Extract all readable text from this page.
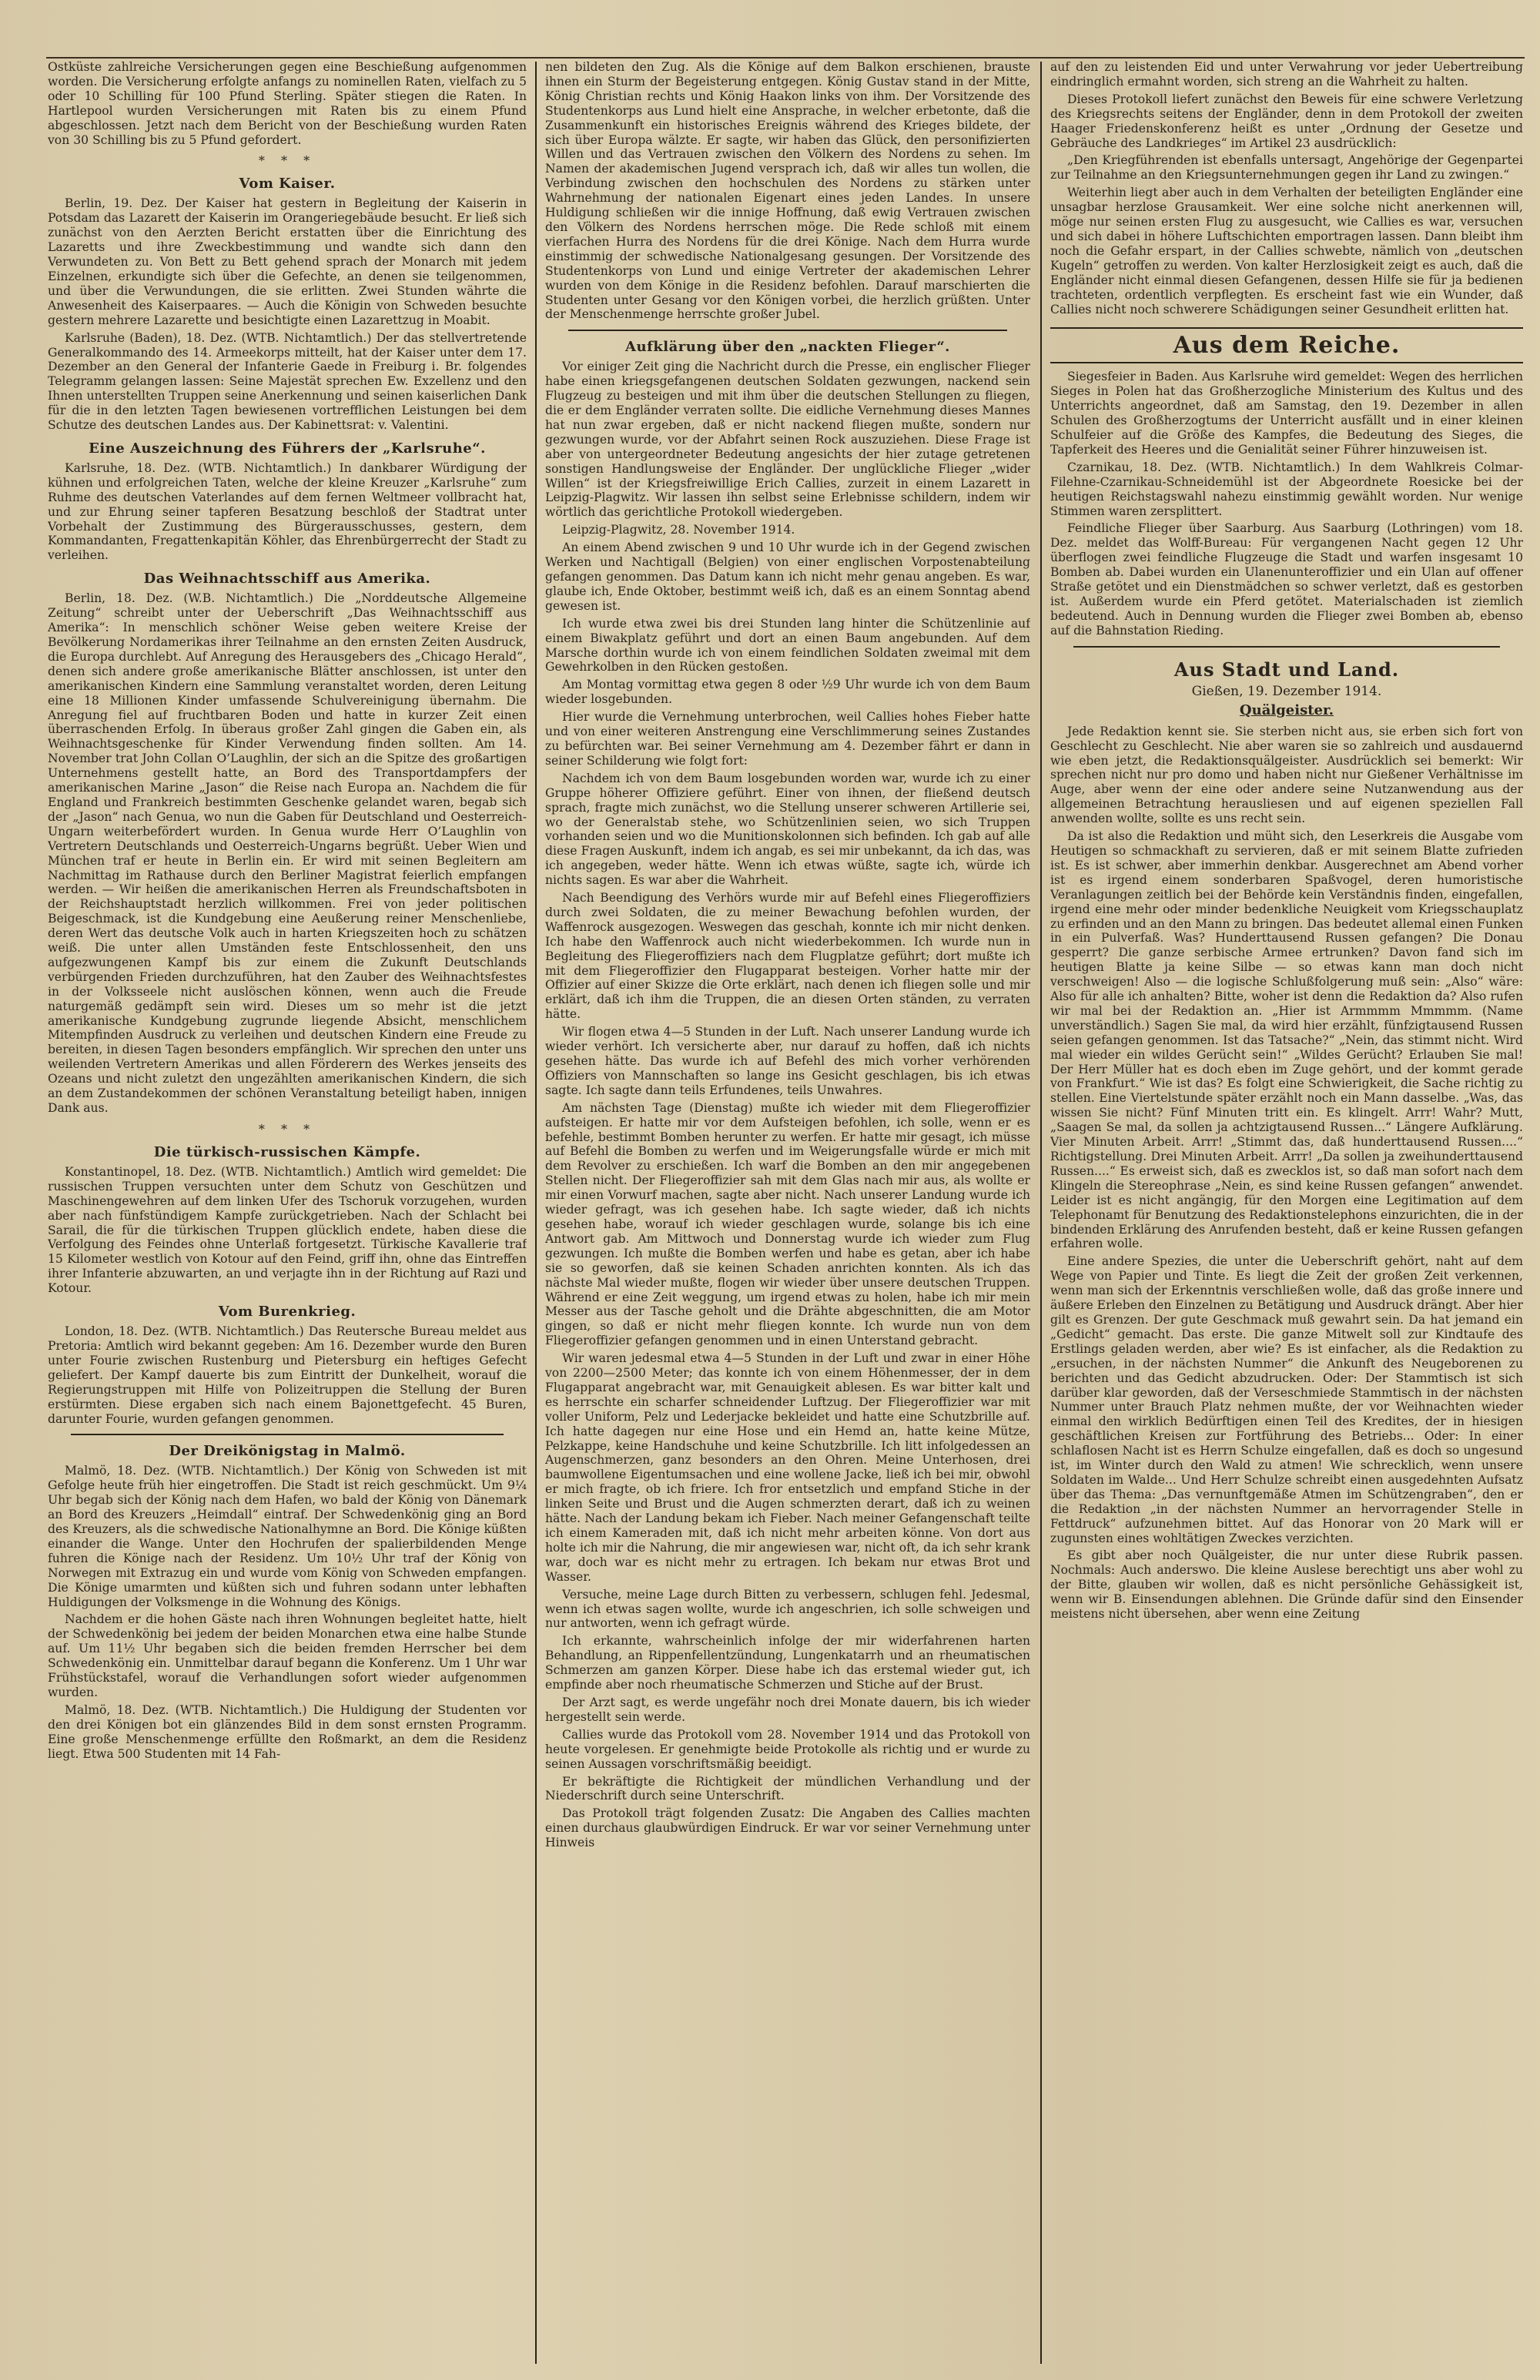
Ostküste zahlreiche Versicherungen gegen eine Beschießung aufgenommen worden. Die Versicherung erfolgte anfangs zu nominellen Raten, vielfach zu 5 oder 10 Schilling für 100 Pfund Sterling. Später stiegen die Raten. In Hartlepool wurden Versicherungen mit Raten bis zu einem Pfund abgeschlossen. Jetzt nach dem Bericht von der Beschießung wurden Raten von 30 Schilling bis zu 5 Pfund gefordert.

* * *
Vom Kaiser.

Berlin, 19. Dez. Der Kaiser hat gestern in Begleitung der Kaiserin in Potsdam das Lazarett der Kaiserin im Orangeriegebäude besucht. Er ließ sich zunächst von den Aerzten Bericht erstatten über die Einrichtung des Lazaretts und ihre Zweckbestimmung und wandte sich dann den Verwundeten zu. Von Bett zu Bett gehend sprach der Monarch mit jedem Einzelnen, erkundigte sich über die Gefechte, an denen sie teilgenommen, und über die Verwundungen, die sie erlitten. Zwei Stunden währte die Anwesenheit des Kaiserpaares. — Auch die Königin von Schweden besuchte gestern mehrere Lazarette und besichtigte einen Lazarettzug in Moabit.

Karlsruhe (Baden), 18. Dez. (WTB. Nichtamtlich.) Der das stellvertretende Generalkommando des 14. Armeekorps mitteilt, hat der Kaiser unter dem 17. Dezember an den General der Infanterie Gaede in Freiburg i. Br. folgendes Telegramm gelangen lassen: Seine Majestät sprechen Ew. Exzellenz und den Ihnen unterstellten Truppen seine Anerkennung und seinen kaiserlichen Dank für die in den letzten Tagen bewiesenen vortrefflichen Leistungen bei dem Schutze des deutschen Landes aus. Der Kabinettsrat: v. Valentini.

Eine Auszeichnung des Führers der „Karlsruhe“.

Karlsruhe, 18. Dez. (WTB. Nichtamtlich.) In dankbarer Würdigung der kühnen und erfolgreichen Taten, welche der kleine Kreuzer „Karlsruhe“ zum Ruhme des deutschen Vaterlandes auf dem fernen Weltmeer vollbracht hat, und zur Ehrung seiner tapferen Besatzung beschloß der Stadtrat unter Vorbehalt der Zustimmung des Bürgerausschusses, gestern, dem Kommandanten, Fregattenkapitän Köhler, das Ehrenbürgerrecht der Stadt zu verleihen.

Das Weihnachtsschiff aus Amerika.

Berlin, 18. Dez. (W.B. Nichtamtlich.) Die „Norddeutsche Allgemeine Zeitung“ schreibt unter der Ueberschrift „Das Weihnachtsschiff aus Amerika“: In menschlich schöner Weise geben weitere Kreise der Bevölkerung Nordamerikas ihrer Teilnahme an den ernsten Zeiten Ausdruck, die Europa durchlebt. Auf Anregung des Herausgebers des „Chicago Herald“, denen sich andere große amerikanische Blätter anschlossen, ist unter den amerikanischen Kindern eine Sammlung veranstaltet worden, deren Leitung eine 18 Millionen Kinder umfassende Schulvereinigung übernahm. Die Anregung fiel auf fruchtbaren Boden und hatte in kurzer Zeit einen überraschenden Erfolg. In überaus großer Zahl gingen die Gaben ein, als Weihnachtsgeschenke für Kinder Verwendung finden sollten. Am 14. November trat John Collan O’Laughlin, der sich an die Spitze des großartigen Unternehmens gestellt hatte, an Bord des Transportdampfers der amerikanischen Marine „Jason“ die Reise nach Europa an. Nachdem die für England und Frankreich bestimmten Geschenke gelandet waren, begab sich der „Jason“ nach Genua, wo nun die Gaben für Deutschland und Oesterreich-Ungarn weiterbefördert wurden. In Genua wurde Herr O’Laughlin von Vertretern Deutschlands und Oesterreich-Ungarns begrüßt. Ueber Wien und München traf er heute in Berlin ein. Er wird mit seinen Begleitern am Nachmittag im Rathause durch den Berliner Magistrat feierlich empfangen werden. — Wir heißen die amerikanischen Herren als Freundschaftsboten in der Reichshauptstadt herzlich willkommen. Frei von jeder politischen Beigeschmack, ist die Kundgebung eine Aeußerung reiner Menschenliebe, deren Wert das deutsche Volk auch in harten Kriegszeiten hoch zu schätzen weiß. Die unter allen Umständen feste Entschlossenheit, den uns aufgezwungenen Kampf bis zur einem die Zukunft Deutschlands verbürgenden Frieden durchzuführen, hat den Zauber des Weihnachtsfestes in der Volksseele nicht auslöschen können, wenn auch die Freude naturgemäß gedämpft sein wird. Dieses um so mehr ist die jetzt amerikanische Kundgebung zugrunde liegende Absicht, menschlichem Mitempfinden Ausdruck zu verleihen und deutschen Kindern eine Freude zu bereiten, in diesen Tagen besonders empfänglich. Wir sprechen den unter uns weilenden Vertretern Amerikas und allen Förderern des Werkes jenseits des Ozeans und nicht zuletzt den ungezählten amerikanischen Kindern, die sich an dem Zustandekommen der schönen Veranstaltung beteiligt haben, innigen Dank aus.

* * *
Die türkisch-russischen Kämpfe.

Konstantinopel, 18. Dez. (WTB. Nichtamtlich.) Amtlich wird gemeldet: Die russischen Truppen versuchten unter dem Schutz von Geschützen und Maschinengewehren auf dem linken Ufer des Tschoruk vorzugehen, wurden aber nach fünfstündigem Kampfe zurückgetrieben. Nach der Schlacht bei Sarail, die für die türkischen Truppen glücklich endete, haben diese die Verfolgung des Feindes ohne Unterlaß fortgesetzt. Türkische Kavallerie traf 15 Kilometer westlich von Kotour auf den Feind, griff ihn, ohne das Eintreffen ihrer Infanterie abzuwarten, an und verjagte ihn in der Richtung auf Razi und Kotour.

Vom Burenkrieg.

London, 18. Dez. (WTB. Nichtamtlich.) Das Reutersche Bureau meldet aus Pretoria: Amtlich wird bekannt gegeben: Am 16. Dezember wurde den Buren unter Fourie zwischen Rustenburg und Pietersburg ein heftiges Gefecht geliefert. Der Kampf dauerte bis zum Eintritt der Dunkelheit, worauf die Regierungstruppen mit Hilfe von Polizeitruppen die Stellung der Buren erstürmten. Diese ergaben sich nach einem Bajonettgefecht. 45 Buren, darunter Fourie, wurden gefangen genommen.

Der Dreikönigstag in Malmö.

Malmö, 18. Dez. (WTB. Nichtamtlich.) Der König von Schweden ist mit Gefolge heute früh hier eingetroffen. Die Stadt ist reich geschmückt. Um 9¼ Uhr begab sich der König nach dem Hafen, wo bald der König von Dänemark an Bord des Kreuzers „Heimdall“ eintraf. Der Schwedenkönig ging an Bord des Kreuzers, als die schwedische Nationalhymne an Bord. Die Könige küßten einander die Wange. Unter den Hochrufen der spalierbildenden Menge fuhren die Könige nach der Residenz. Um 10½ Uhr traf der König von Norwegen mit Extrazug ein und wurde vom König von Schweden empfangen. Die Könige umarmten und küßten sich und fuhren sodann unter lebhaften Huldigungen der Volksmenge in die Wohnung des Königs.

Nachdem er die hohen Gäste nach ihren Wohnungen begleitet hatte, hielt der Schwedenkönig bei jedem der beiden Monarchen etwa eine halbe Stunde auf. Um 11½ Uhr begaben sich die beiden fremden Herrscher bei dem Schwedenkönig ein. Unmittelbar darauf begann die Konferenz. Um 1 Uhr war Frühstückstafel, worauf die Verhandlungen sofort wieder aufgenommen wurden.

Malmö, 18. Dez. (WTB. Nichtamtlich.) Die Huldigung der Studenten vor den drei Königen bot ein glänzendes Bild in dem sonst ernsten Programm. Eine große Menschenmenge erfüllte den Roßmarkt, an dem die Residenz liegt. Etwa 500 Studenten mit 14 Fah-

nen bildeten den Zug. Als die Könige auf dem Balkon erschienen, brauste ihnen ein Sturm der Begeisterung entgegen. König Gustav stand in der Mitte, König Christian rechts und König Haakon links von ihm. Der Vorsitzende des Studentenkorps aus Lund hielt eine Ansprache, in welcher erbetonte, daß die Zusammenkunft ein historisches Ereignis während des Krieges bildete, der sich über Europa wälzte. Er sagte, wir haben das Glück, den personifizierten Willen und das Vertrauen zwischen den Völkern des Nordens zu sehen. Im Namen der akademischen Jugend versprach ich, daß wir alles tun wollen, die Verbindung zwischen den hochschulen des Nordens zu stärken unter Wahrnehmung der nationalen Eigenart eines jeden Landes. In unsere Huldigung schließen wir die innige Hoffnung, daß ewig Vertrauen zwischen den Völkern des Nordens herrschen möge. Die Rede schloß mit einem vierfachen Hurra des Nordens für die drei Könige. Nach dem Hurra wurde einstimmig der schwedische Nationalgesang gesungen. Der Vorsitzende des Studentenkorps von Lund und einige Vertreter der akademischen Lehrer wurden von dem Könige in die Residenz befohlen. Darauf marschierten die Studenten unter Gesang vor den Königen vorbei, die herzlich grüßten. Unter der Menschenmenge herrschte großer Jubel.

Aufklärung über den „nackten Flieger“.

Vor einiger Zeit ging die Nachricht durch die Presse, ein englischer Flieger habe einen kriegsgefangenen deutschen Soldaten gezwungen, nackend sein Flugzeug zu besteigen und mit ihm über die deutschen Stellungen zu fliegen, die er dem Engländer verraten sollte. Die eidliche Vernehmung dieses Mannes hat nun zwar ergeben, daß er nicht nackend fliegen mußte, sondern nur gezwungen wurde, vor der Abfahrt seinen Rock auszuziehen. Diese Frage ist aber von untergeordneter Bedeutung angesichts der hier zutage getretenen sonstigen Handlungsweise der Engländer. Der unglückliche Flieger „wider Willen“ ist der Kriegsfreiwillige Erich Callies, zurzeit in einem Lazarett in Leipzig-Plagwitz. Wir lassen ihn selbst seine Erlebnisse schildern, indem wir wörtlich das gerichtliche Protokoll wiedergeben.

Leipzig-Plagwitz, 28. November 1914.

An einem Abend zwischen 9 und 10 Uhr wurde ich in der Gegend zwischen Werken und Nachtigall (Belgien) von einer englischen Vorpostenabteilung gefangen genommen. Das Datum kann ich nicht mehr genau angeben. Es war, glaube ich, Ende Oktober, bestimmt weiß ich, daß es an einem Sonntag abend gewesen ist.

Ich wurde etwa zwei bis drei Stunden lang hinter die Schützenlinie auf einem Biwakplatz geführt und dort an einen Baum angebunden. Auf dem Marsche dorthin wurde ich von einem feindlichen Soldaten zweimal mit dem Gewehrkolben in den Rücken gestoßen.

Am Montag vormittag etwa gegen 8 oder ½9 Uhr wurde ich von dem Baum wieder losgebunden.

Hier wurde die Vernehmung unterbrochen, weil Callies hohes Fieber hatte und von einer weiteren Anstrengung eine Verschlimmerung seines Zustandes zu befürchten war. Bei seiner Vernehmung am 4. Dezember fährt er dann in seiner Schilderung wie folgt fort:

Nachdem ich von dem Baum losgebunden worden war, wurde ich zu einer Gruppe höherer Offiziere geführt. Einer von ihnen, der fließend deutsch sprach, fragte mich zunächst, wo die Stellung unserer schweren Artillerie sei, wo der Generalstab stehe, wo Schützenlinien seien, wo sich Truppen vorhanden seien und wo die Munitionskolonnen sich befinden. Ich gab auf alle diese Fragen Auskunft, indem ich angab, es sei mir unbekannt, da ich das, was ich angegeben, weder hätte. Wenn ich etwas wüßte, sagte ich, würde ich nichts sagen. Es war aber die Wahrheit.

Nach Beendigung des Verhörs wurde mir auf Befehl eines Fliegeroffiziers durch zwei Soldaten, die zu meiner Bewachung befohlen wurden, der Waffenrock ausgezogen. Weswegen das geschah, konnte ich mir nicht denken. Ich habe den Waffenrock auch nicht wiederbekommen. Ich wurde nun in Begleitung des Fliegeroffiziers nach dem Flugplatze geführt; dort mußte ich mit dem Fliegeroffizier den Flugapparat besteigen. Vorher hatte mir der Offizier auf einer Skizze die Orte erklärt, nach denen ich fliegen solle und mir erklärt, daß ich ihm die Truppen, die an diesen Orten ständen, zu verraten hätte.

Wir flogen etwa 4—5 Stunden in der Luft. Nach unserer Landung wurde ich wieder verhört. Ich versicherte aber, nur darauf zu hoffen, daß ich nichts gesehen hätte. Das wurde ich auf Befehl des mich vorher verhörenden Offiziers von Mannschaften so lange ins Gesicht geschlagen, bis ich etwas sagte. Ich sagte dann teils Erfundenes, teils Unwahres.

Am nächsten Tage (Dienstag) mußte ich wieder mit dem Fliegeroffizier aufsteigen. Er hatte mir vor dem Aufsteigen befohlen, ich solle, wenn er es befehle, bestimmt Bomben herunter zu werfen. Er hatte mir gesagt, ich müsse auf Befehl die Bomben zu werfen und im Weigerungsfalle würde er mich mit dem Revolver zu erschießen. Ich warf die Bomben an den mir angegebenen Stellen nicht. Der Fliegeroffizier sah mit dem Glas nach mir aus, als wollte er mir einen Vorwurf machen, sagte aber nicht. Nach unserer Landung wurde ich wieder gefragt, was ich gesehen habe. Ich sagte wieder, daß ich nichts gesehen habe, worauf ich wieder geschlagen wurde, solange bis ich eine Antwort gab. Am Mittwoch und Donnerstag wurde ich wieder zum Flug gezwungen. Ich mußte die Bomben werfen und habe es getan, aber ich habe sie so geworfen, daß sie keinen Schaden anrichten konnten. Als ich das nächste Mal wieder mußte, flogen wir wieder über unsere deutschen Truppen. Während er eine Zeit weggung, um irgend etwas zu holen, habe ich mir mein Messer aus der Tasche geholt und die Drähte abgeschnitten, die am Motor gingen, so daß er nicht mehr fliegen konnte. Ich wurde nun von dem Fliegeroffizier gefangen genommen und in einen Unterstand gebracht.

Wir waren jedesmal etwa 4—5 Stunden in der Luft und zwar in einer Höhe von 2200—2500 Meter; das konnte ich von einem Höhenmesser, der in dem Flugapparat angebracht war, mit Genauigkeit ablesen. Es war bitter kalt und es herrschte ein scharfer schneidender Luftzug. Der Fliegeroffizier war mit voller Uniform, Pelz und Lederjacke bekleidet und hatte eine Schutzbrille auf. Ich hatte dagegen nur eine Hose und ein Hemd an, hatte keine Mütze, Pelzkappe, keine Handschuhe und keine Schutzbrille. Ich litt infolgedessen an Augenschmerzen, ganz besonders an den Ohren. Meine Unterhosen, drei baumwollene Eigentumsachen und eine wollene Jacke, ließ ich bei mir, obwohl er mich fragte, ob ich friere. Ich fror entsetzlich und empfand Stiche in der linken Seite und Brust und die Augen schmerzten derart, daß ich zu weinen hätte. Nach der Landung bekam ich Fieber. Nach meiner Gefangenschaft teilte ich einem Kameraden mit, daß ich nicht mehr arbeiten könne. Von dort aus holte ich mir die Nahrung, die mir angewiesen war, nicht oft, da ich sehr krank war, doch war es nicht mehr zu ertragen. Ich bekam nur etwas Brot und Wasser.

Versuche, meine Lage durch Bitten zu verbessern, schlugen fehl. Jedesmal, wenn ich etwas sagen wollte, wurde ich angeschrien, ich solle schweigen und nur antworten, wenn ich gefragt würde.

Ich erkannte, wahrscheinlich infolge der mir widerfahrenen harten Behandlung, an Rippenfellentzündung, Lungenkatarrh und an rheumatischen Schmerzen am ganzen Körper. Diese habe ich das erstemal wieder gut, ich empfinde aber noch rheumatische Schmerzen und Stiche auf der Brust.

Der Arzt sagt, es werde ungefähr noch drei Monate dauern, bis ich wieder hergestellt sein werde.

Callies wurde das Protokoll vom 28. November 1914 und das Protokoll von heute vorgelesen. Er genehmigte beide Protokolle als richtig und er wurde zu seinen Aussagen vorschriftsmäßig beeidigt.

Er bekräftigte die Richtigkeit der mündlichen Verhandlung und der Niederschrift durch seine Unterschrift.

Das Protokoll trägt folgenden Zusatz: Die Angaben des Callies machten einen durchaus glaubwürdigen Eindruck. Er war vor seiner Vernehmung unter Hinweis

auf den zu leistenden Eid und unter Verwahrung vor jeder Uebertreibung eindringlich ermahnt worden, sich streng an die Wahrheit zu halten.

Dieses Protokoll liefert zunächst den Beweis für eine schwere Verletzung des Kriegsrechts seitens der Engländer, denn in dem Protokoll der zweiten Haager Friedenskonferenz heißt es unter „Ordnung der Gesetze und Gebräuche des Landkrieges“ im Artikel 23 ausdrücklich:

„Den Kriegführenden ist ebenfalls untersagt, Angehörige der Gegenpartei zur Teilnahme an den Kriegsunternehmungen gegen ihr Land zu zwingen.“

Weiterhin liegt aber auch in dem Verhalten der beteiligten Engländer eine unsagbar herzlose Grausamkeit. Wer eine solche nicht anerkennen will, möge nur seinen ersten Flug zu ausgesucht, wie Callies es war, versuchen und sich dabei in höhere Luftschichten emportragen lassen. Dann bleibt ihm noch die Gefahr erspart, in der Callies schwebte, nämlich von „deutschen Kugeln“ getroffen zu werden. Von kalter Herzlosigkeit zeigt es auch, daß die Engländer nicht einmal diesen Gefangenen, dessen Hilfe sie für ja bedienen trachteten, ordentlich verpflegten. Es erscheint fast wie ein Wunder, daß Callies nicht noch schwerere Schädigungen seiner Gesundheit erlitten hat.

Aus dem Reiche.

Siegesfeier in Baden. Aus Karlsruhe wird gemeldet: Wegen des herrlichen Sieges in Polen hat das Großherzogliche Ministerium des Kultus und des Unterrichts angeordnet, daß am Samstag, den 19. Dezember in allen Schulen des Großherzogtums der Unterricht ausfällt und in einer kleinen Schulfeier auf die Größe des Kampfes, die Bedeutung des Sieges, die Tapferkeit des Heeres und die Genialität seiner Führer hinzuweisen ist.

Czarnikau, 18. Dez. (WTB. Nichtamtlich.) In dem Wahlkreis Colmar-Filehne-Czarnikau-Schneidemühl ist der Abgeordnete Roesicke bei der heutigen Reichstagswahl nahezu einstimmig gewählt worden. Nur wenige Stimmen waren zersplittert.

Feindliche Flieger über Saarburg. Aus Saarburg (Lothringen) vom 18. Dez. meldet das Wolff-Bureau: Für vergangenen Nacht gegen 12 Uhr überflogen zwei feindliche Flugzeuge die Stadt und warfen insgesamt 10 Bomben ab. Dabei wurden ein Ulanenunteroffizier und ein Ulan auf offener Straße getötet und ein Dienstmädchen so schwer verletzt, daß es gestorben ist. Außerdem wurde ein Pferd getötet. Materialschaden ist ziemlich bedeutend. Auch in Dennung wurden die Flieger zwei Bomben ab, ebenso auf die Bahnstation Rieding.

Aus Stadt und Land.
Gießen, 19. Dezember 1914.
Quälgeister.

Jede Redaktion kennt sie. Sie sterben nicht aus, sie erben sich fort von Geschlecht zu Geschlecht. Nie aber waren sie so zahlreich und ausdauernd wie eben jetzt, die Redaktionsquälgeister. Ausdrücklich sei bemerkt: Wir sprechen nicht nur pro domo und haben nicht nur Gießener Verhältnisse im Auge, aber wenn der eine oder andere seine Nutzanwendung aus der allgemeinen Betrachtung herausliesen und auf eigenen speziellen Fall anwenden wollte, sollte es uns recht sein.

Da ist also die Redaktion und müht sich, den Leserkreis die Ausgabe vom Heutigen so schmackhaft zu servieren, daß er mit seinem Blatte zufrieden ist. Es ist schwer, aber immerhin denkbar. Ausgerechnet am Abend vorher ist es irgend einem sonderbaren Spaßvogel, deren humoristische Veranlagungen zeitlich bei der Behörde kein Verständnis finden, eingefallen, irgend eine mehr oder minder bedenkliche Neuigkeit vom Kriegsschauplatz zu erfinden und an den Mann zu bringen. Das bedeutet allemal einen Funken in ein Pulverfaß. Was? Hunderttausend Russen gefangen? Die Donau gesperrt? Die ganze serbische Armee ertrunken? Davon fand sich im heutigen Blatte ja keine Silbe — so etwas kann man doch nicht verschweigen! Also — die logische Schlußfolgerung muß sein: „Also“ wäre: Also für alle ich anhalten? Bitte, woher ist denn die Redaktion da? Also rufen wir mal bei der Redaktion an. „Hier ist Armmmm Mmmmm. (Name unverständlich.) Sagen Sie mal, da wird hier erzählt, fünfzigtausend Russen seien gefangen genommen. Ist das Tatsache?“ „Nein, das stimmt nicht. Wird mal wieder ein wildes Gerücht sein!“ „Wildes Gerücht? Erlauben Sie mal! Der Herr Müller hat es doch eben im Zuge gehört, und der kommt gerade von Frankfurt.“ Wie ist das? Es folgt eine Schwierigkeit, die Sache richtig zu stellen. Eine Viertelstunde später erzählt noch ein Mann dasselbe. „Was, das wissen Sie nicht? Fünf Minuten tritt ein. Es klingelt. Arrr! Wahr? Mutt, „Saagen Se mal, da sollen ja achtzigtausend Russen...“ Längere Aufklärung. Vier Minuten Arbeit. Arrr! „Stimmt das, daß hunderttausend Russen....“ Richtigstellung. Drei Minuten Arbeit. Arrr! „Da sollen ja zweihunderttausend Russen....“ Es erweist sich, daß es zwecklos ist, so daß man sofort nach dem Klingeln die Stereophrase „Nein, es sind keine Russen gefangen“ anwendet. Leider ist es nicht angängig, für den Morgen eine Legitimation auf dem Telephonamt für Benutzung des Redaktionstelephons einzurichten, die in der bindenden Erklärung des Anrufenden besteht, daß er keine Russen gefangen erfahren wolle.

Eine andere Spezies, die unter die Ueberschrift gehört, naht auf dem Wege von Papier und Tinte. Es liegt die Zeit der großen Zeit verkennen, wenn man sich der Erkenntnis verschließen wolle, daß das große innere und äußere Erleben den Einzelnen zu Betätigung und Ausdruck drängt. Aber hier gilt es Grenzen. Der gute Geschmack muß gewahrt sein. Da hat jemand ein „Gedicht“ gemacht. Das erste. Die ganze Mitwelt soll zur Kindtaufe des Erstlings geladen werden, aber wie? Es ist einfacher, als die Redaktion zu „ersuchen, in der nächsten Nummer“ die Ankunft des Neugeborenen zu berichten und das Gedicht abzudrucken. Oder: Der Stammtisch ist sich darüber klar geworden, daß der Verseschmiede Stammtisch in der nächsten Nummer unter Brauch Platz nehmen mußte, der vor Weihnachten wieder einmal den wirklich Bedürftigen einen Teil des Kredites, der in hiesigen geschäftlichen Kreisen zur Fortführung des Betriebs... Oder: In einer schlaflosen Nacht ist es Herrn Schulze eingefallen, daß es doch so ungesund ist, im Winter durch den Wald zu atmen! Wie schrecklich, wenn unsere Soldaten im Walde... Und Herr Schulze schreibt einen ausgedehnten Aufsatz über das Thema: „Das vernunftgemäße Atmen im Schützengraben“, den er die Redaktion „in der nächsten Nummer an hervorragender Stelle in Fettdruck“ aufzunehmen bittet. Auf das Honorar von 20 Mark will er zugunsten eines wohltätigen Zweckes verzichten.

Es gibt aber noch Quälgeister, die nur unter diese Rubrik passen. Nochmals: Auch anderswo. Die kleine Auslese berechtigt uns aber wohl zu der Bitte, glauben wir wollen, daß es nicht persönliche Gehässigkeit ist, wenn wir B. Einsendungen ablehnen. Die Gründe dafür sind den Einsender meistens nicht übersehen, aber wenn eine Zeitung
